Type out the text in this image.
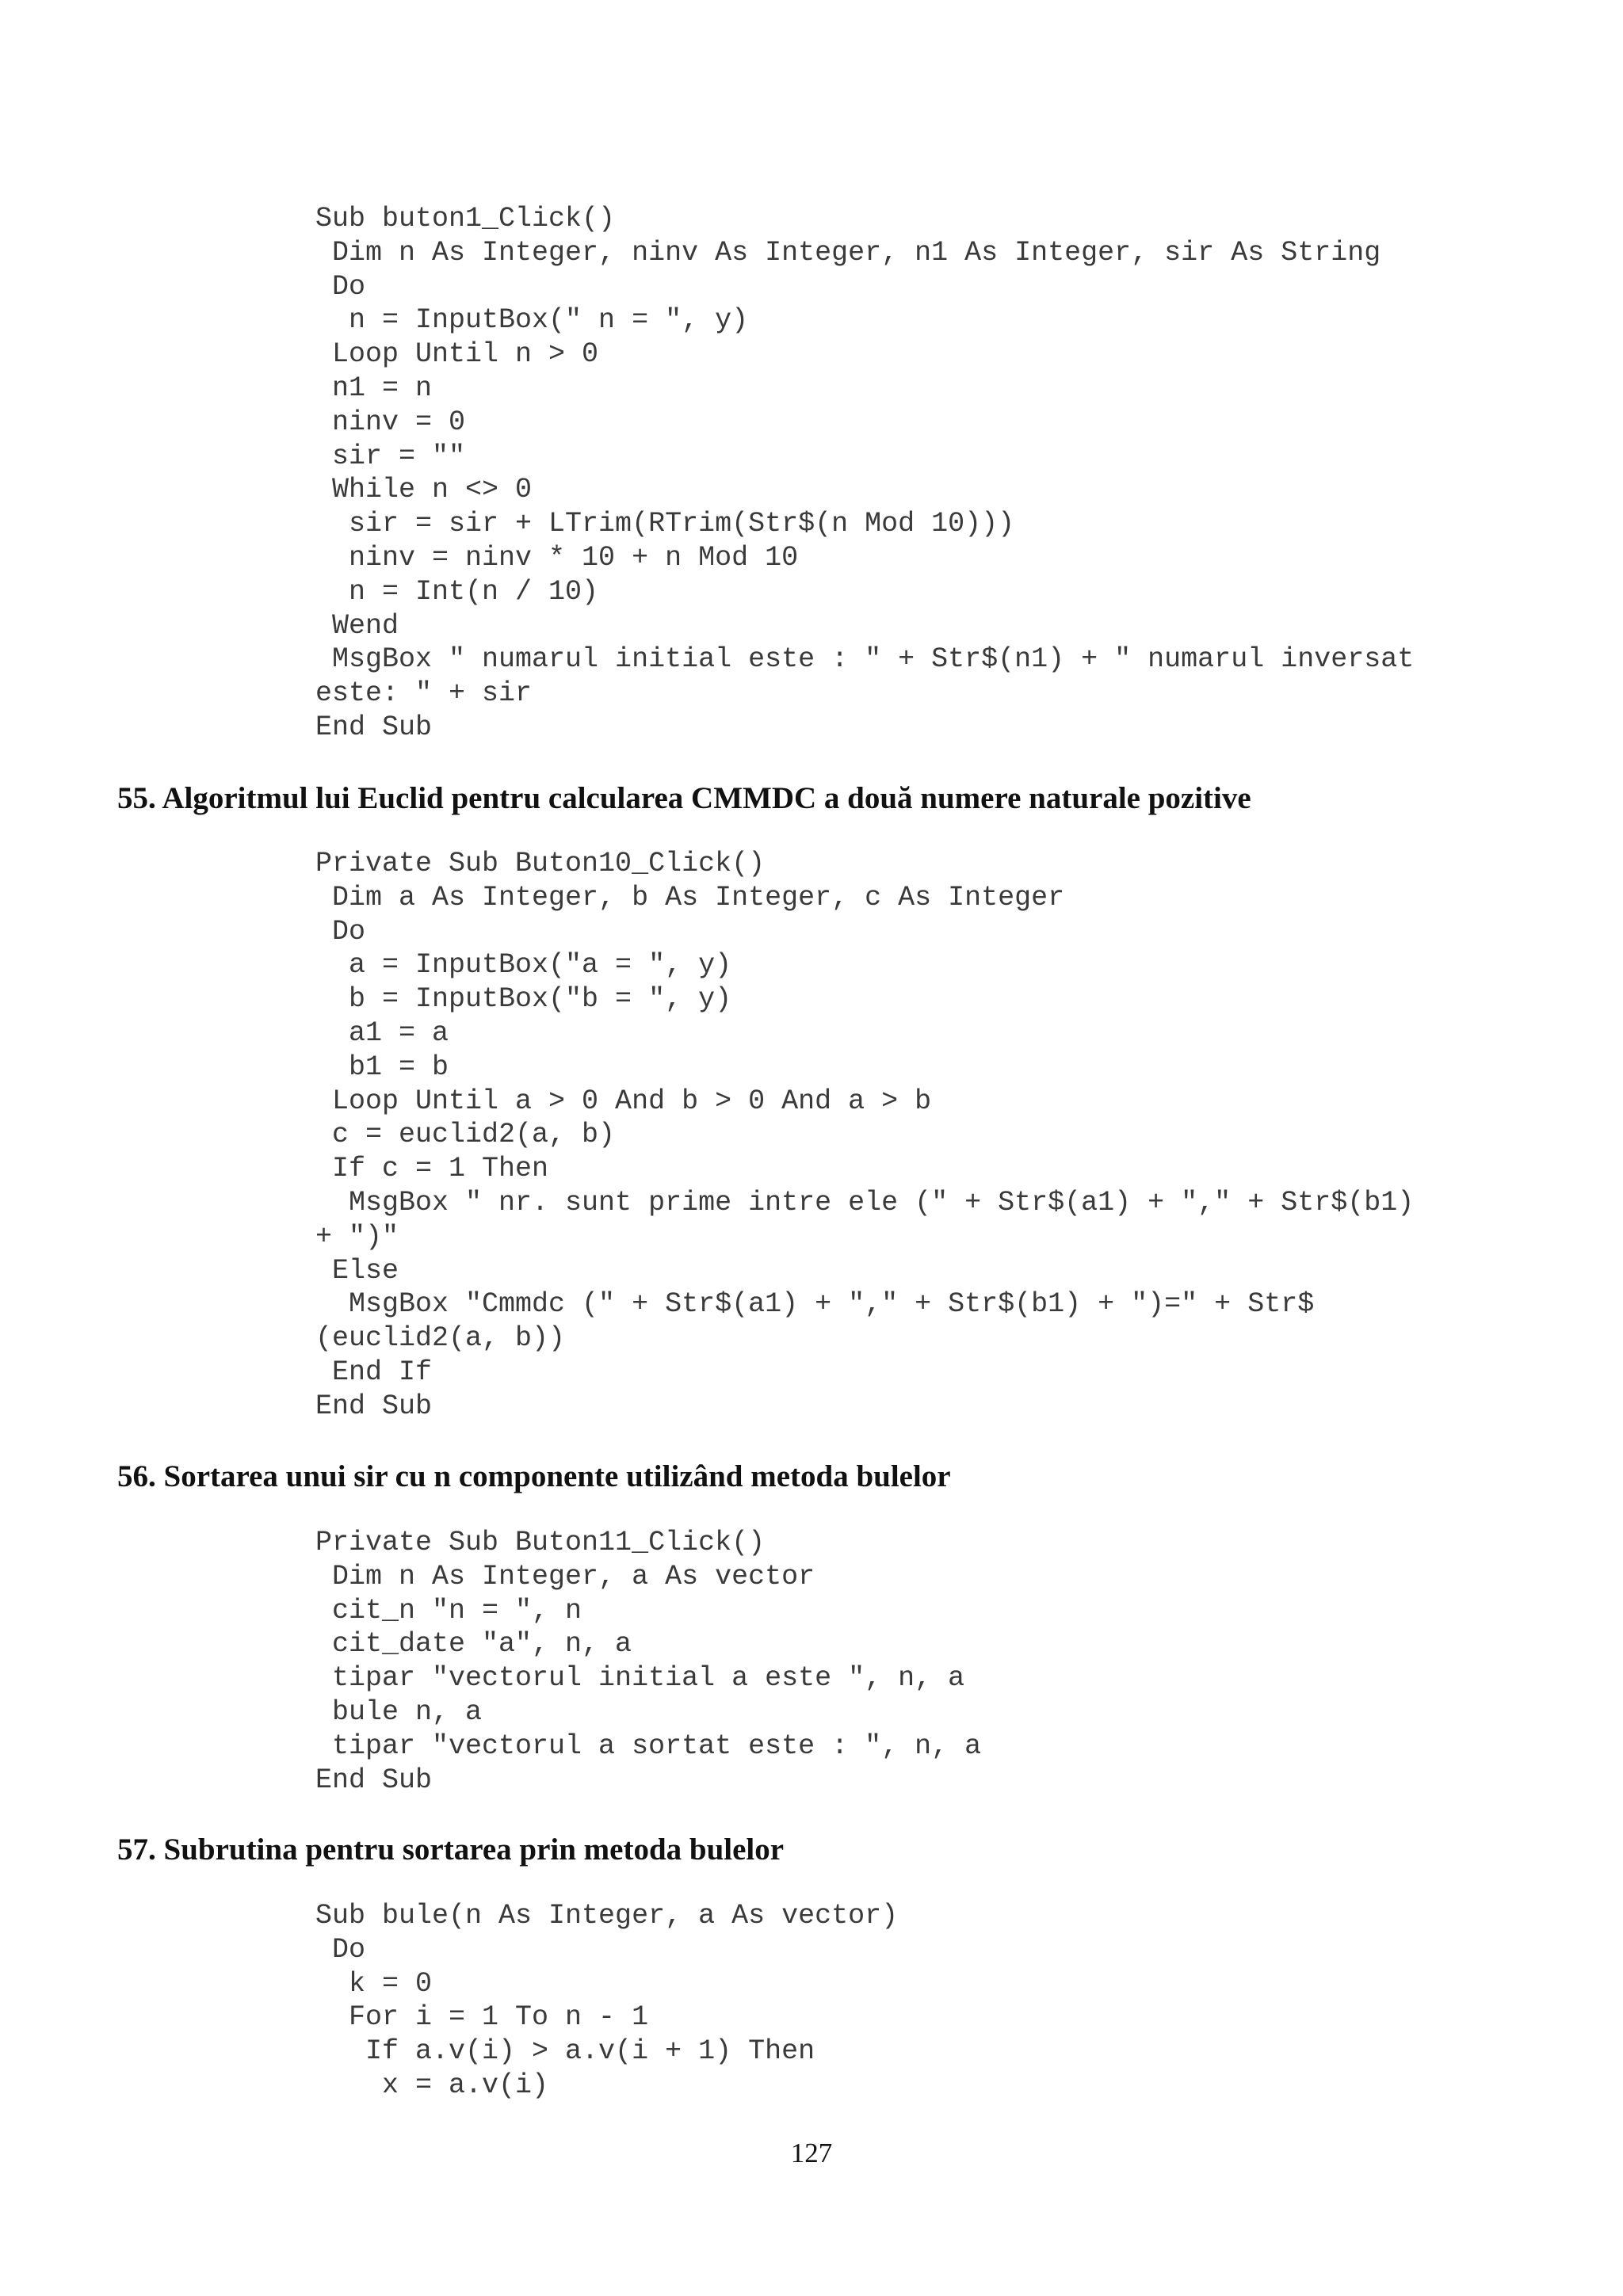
Sub buton1_Click()
Dim n As Integer, ninv As Integer, n1 As Integer, sir As String
Do
n = InputBox(" n = ", y)
Loop Until n > 0
n1 = n
ninv = 0
sir = ""
While n <> 0
sir = sir + LTrim(RTrim(Str$(n Mod 10)))
ninv = ninv * 10 + n Mod 10
n = Int(n / 10)
Wend
MsgBox " numarul initial este : " + Str$(n1) + " numarul inversat
este: " + sir
End Sub
55. Algoritmul lui Euclid pentru calcularea CMMDC a două numere naturale pozitive
Private Sub Buton10_Click()
Dim a As Integer, b As Integer, c As Integer
Do
a = InputBox("a = ", y)
b = InputBox("b = ", y)
a1 = a
b1 = b
Loop Until a > 0 And b > 0 And a > b
c = euclid2(a, b)
If c = 1 Then
MsgBox " nr. sunt prime intre ele (" + Str$(a1) + "," + Str$(b1)
+ ")"
Else
MsgBox "Cmmdc (" + Str$(a1) + "," + Str$(b1) + ")=" + Str$
(euclid2(a, b))
End If
End Sub
56. Sortarea unui sir cu n componente utilizând metoda bulelor
Private Sub Buton11_Click()
Dim n As Integer, a As vector
cit_n "n = ", n
cit_date "a", n, a
tipar "vectorul initial a este ", n, a
bule n, a
tipar "vectorul a sortat este : ", n, a
End Sub
57. Subrutina pentru sortarea prin metoda bulelor
Sub bule(n As Integer, a As vector)
Do
k = 0
For i = 1 To n - 1
If a.v(i) > a.v(i + 1) Then
x = a.v(i)
127
